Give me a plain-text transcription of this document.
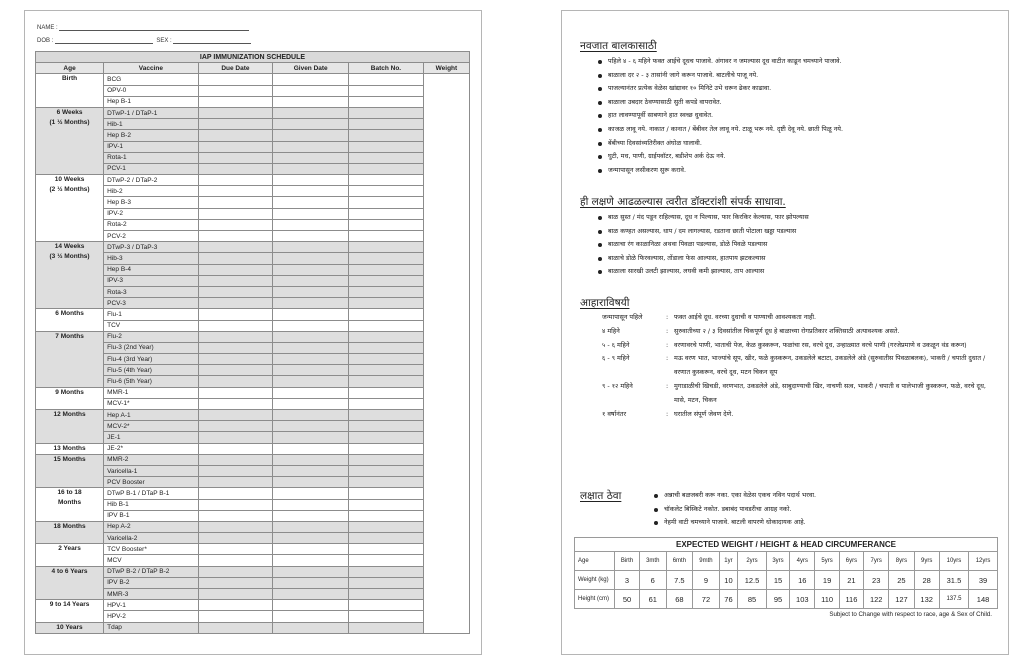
NAME :
DOB :	SEX :
IAP IMMUNIZATION SCHEDULE					
Age	Vaccine	Due Date	Given Date	Batch No.	Weight
Birth	BCG				
	OPV-0				
	Hep B-1				
6 Weeks
(1 ½ Months)	DTwP-1 / DTaP-1				
	Hib-1				
	Hep B-2				
	IPV-1				
	Rota-1				
	PCV-1				
10 Weeks
(2 ½ Months)	DTwP-2 / DTaP-2				
	Hib-2				
	Hep B-3				
	IPV-2				
	Rota-2				
	PCV-2				
14 Weeks
(3 ½ Months)	DTwP-3 / DTaP-3				
	Hib-3				
	Hep B-4				
	IPV-3				
	Rota-3				
	PCV-3				
6 Months	Flu-1				
	TCV				
7 Months	Flu-2				
	Flu-3 (2nd Year)				
	Flu-4 (3rd Year)				
	Flu-5 (4th Year)				
	Flu-6 (5th Year)				
9 Months	MMR-1				
	MCV-1*				
12 Months	Hep A-1				
	MCV-2*				
	JE-1				
13 Months	JE-2*				
15 Months	MMR-2				
	Varicella-1				
	PCV Booster				
16 to 18
Months	DTwP B-1 / DTaP B-1				
	Hib B-1				
	IPV B-1				
18 Months	Hep A-2				
	Varicella-2				
2 Years	TCV Booster*				
	MCV				
4 to 6 Years	DTwP B-2 / DTaP B-2				
	IPV B-2				
	MMR-3				
9 to 14 Years	HPV-1				
	HPV-2				
10 Years	Tdap				
नवजात बालकासाठी
पहिले ४ - ६ महिने फक्त आईचे दूधच पाजावे. अंगावर न जमल्यास दूध वाटीत काढून चमच्याने पाजावे.
बाळाला दर २ - ३ तासांनी जागे करून पाजावे. बाटलीचे पाजू नये.
पाजल्यानंतर प्रत्येक वेळेस खांद्यावर १० मिनिटे उभे धरून ढेकर काढावा.
बाळाला उबदार ठेवण्यासाठी सुती कपडे वापरावेत.
हात लावण्यापूर्वी साबणाने हात स्वच्छ धुवावेत.
काजळ लावू नये. नाकात / कानात / बेंबीवर तेल लावू नये. टाळू भरू नये. दृष्टी देवू नये. छाती पिळू नये.
बेंबीच्या दिवसांव्यतिरीक्त अंघोळ घालावी.
घुटी, मध, पाणी, ग्राईपवॉटर, बडीशेप अर्क देऊ नये.
जन्मापासून लसीकरण सुरू करावे.
ही लक्षणे आढळल्यास त्वरीत डॉक्टरांशी संपर्क साधावा.
बाळ सुस्त / मंद पडून राहिल्यास, दूध न पिल्यास, फार किरकिर केल्यास, फार झोपल्यास
बाळ कण्हत असल्यास, धाप / दम लागल्यास, रडताना छाती पोटाला खड्डा पडल्यास
बाळाचा रंग काळानिळा अथवा पिवळा पडल्यास, डोळे पिवळे पडल्यास
बाळाचे डोळे फिरवल्यास, तोंडाला फेस आल्यास, हातपाय झटकल्यास
बाळाला सारखी उलटी झाल्यास, लघवी कमी झाल्यास, ताप आल्यास
आहाराविषयी
जन्मापासून पहिले	: फक्त आईचे दूध. वरच्या दुधाची व पाण्याची आवश्यकता नाही.
४ महिने	: सुरुवातीच्या २ / ३ दिवसांतील चिकपूर्ण दूध हे बाळाच्या रोगप्रतिकार शक्तिसाठी अत्यावश्यक असते.
५ - ६ महिने	: वरणावरचे पाणी, भाताची पेज, केळ कुस्करून, फळांचा रस, वरचे दूध, उन्हाळ्यात वरचे पाणी (गरजेप्रमाणे व उकळून थंड करून)
६ - ९ महिने	: मऊ वरण भात, भाज्यांचे सूप, खीर, फळे कुस्करून, उकडलेले बटाटा, उकडलेले अंडे (सुरुवातीस पिवळाबलक), भाकरी / चपाती दुधात / वरणात कुस्करून, वरचे दूध, मटन चिकन सूप
९ - १२ महिने	: मुगाडाळीची खिचडी, वरणभात, उकडलेले अंडे, साबुदाण्याची खिर, नाचणी सत्व, भाकरी / चपाती व पालेभाजी कुस्करून, फळे, वरचे दूध, मासे, मटन, चिकन
१ वर्षानंतर	: घरातील संपूर्ण जेवण देणे.
लक्षात ठेवा	अन्नाची बळजबरी करू नका. एका वेळेस एकच नविन पदार्थ भरवा.
चॉकलेट बिस्किटे नकोत. डबाबंद पावडरीचा आग्रह नको.
नेहमी वाटी चमच्याने पाजावे. बाटली वापरणे धोकादायक आहे.
EXPECTED WEIGHT / HEIGHT & HEAD CIRCUMFERANCE															
Age	Birth	3mth	6mth	9mth	1yr	2yrs	3yrs	4yrs	5yrs	6yrs	7yrs	8yrs	9yrs	10yrs	12yrs
Weight (kg)	3	6	7.5	9	10	12.5	15	16	19	21	23	25	28	31.5	39
Height (cm)	50	61	68	72	76	85	95	103	110	116	122	127	132	137.5	148
Subject to Change with respect to race, age & Sex of Child.
